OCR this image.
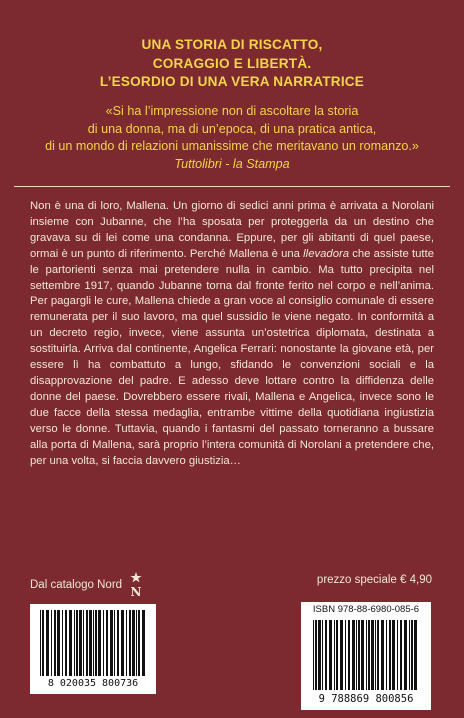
UNA STORIA DI RISCATTO,
CORAGGIO E LIBERTÀ.
L’ESORDIO DI UNA VERA NARRATRICE
«Si ha l’impressione non di ascoltare la storia
di una donna, ma di un’epoca, di una pratica antica,
di un mondo di relazioni umanissime che meritavano un romanzo.»
Tuttolibri - la Stampa

Non è una di loro, Mallena. Un giorno di sedici anni prima è arrivata a Norolani insieme con Jubanne, che l’ha sposata per proteggerla da un destino che gravava su di lei come una condanna. Eppure, per gli abitanti di quel paese, ormai è un punto di riferimento. Perché Mallena è una llevadora che assiste tutte le partorienti senza mai pretendere nulla in cambio. Ma tutto precipita nel settembre 1917, quando Jubanne torna dal fronte ferito nel corpo e nell’anima. Per pagargli le cure, Mallena chiede a gran voce al consiglio comunale di essere remunerata per il suo lavoro, ma quel sussidio le viene negato. In conformità a un decreto regio, invece, viene assunta un’ostetrica diplomata, destinata a sostituirla. Arriva dal continente, Angelica Ferrari: nonostante la giovane età, per essere lì ha combattuto a lungo, sfidando le convenzioni sociali e la disapprovazione del padre. E adesso deve lottare contro la diffidenza delle donne del paese. Dovrebbero essere rivali, Mallena e Angelica, invece sono le due facce della stessa medaglia, entrambe vittime della quotidiana ingiustizia verso le donne. Tuttavia, quando i fantasmi del passato torneranno a bussare alla porta di Mallena, sarà proprio l’intera comunità di Norolani a pretendere che, per una volta, si faccia davvero giustizia…

Dal catalogo Nord N
prezzo speciale € 4,90
8 020035 800736
ISBN 978-88-6980-085-6
9 788869 800856
